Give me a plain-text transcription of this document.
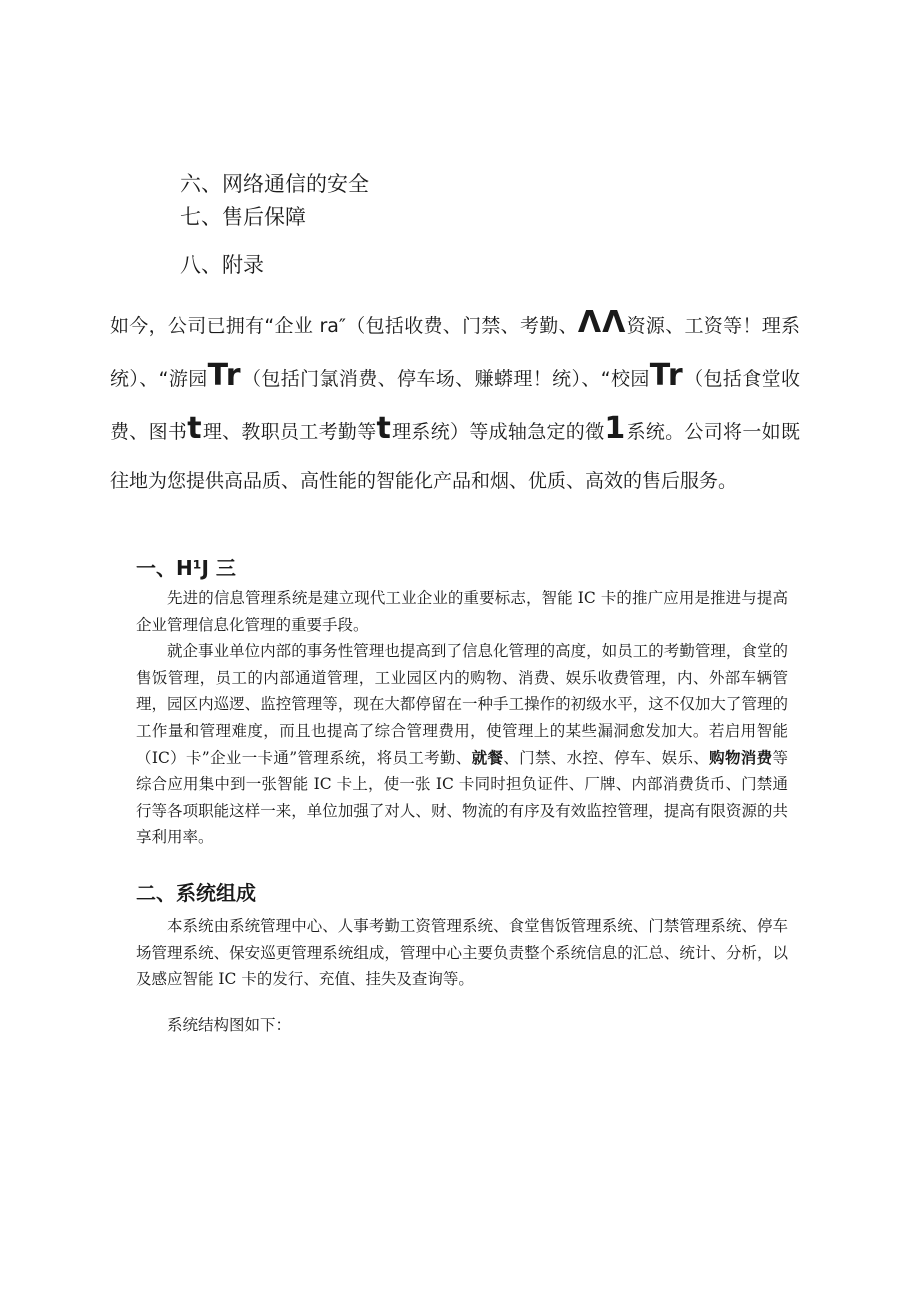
六、网络通信的安全
七、售后保障
八、附录

如今，公司已拥有“企业 ra″（包括收费、门禁、考勤、ΛΛ资源、工资等！理系统）、“游园Tr（包括门氯消费、停车场、赚蟒理！统）、“校园Tr（包括食堂收费、图书t理、教职员工考勤等t理系统）等成轴急定的徵1系统。公司将一如既往地为您提供高品质、高性能的智能化产品和烟、优质、高效的售后服务。

一、H¹J 三

先进的信息管理系统是建立现代工业企业的重要标志，智能 IC 卡的推广应用是推进与提高企业管理信息化管理的重要手段。

就企事业单位内部的事务性管理也提高到了信息化管理的高度，如员工的考勤管理，食堂的售饭管理，员工的内部通道管理，工业园区内的购物、消费、娱乐收费管理，内、外部车辆管理，园区内巡逻、监控管理等，现在大都停留在一种手工操作的初级水平，这不仅加大了管理的工作量和管理难度，而且也提高了综合管理费用，使管理上的某些漏洞愈发加大。若启用智能（IC）卡”企业一卡通”管理系统，将员工考勤、就餐、门禁、水控、停车、娱乐、购物消费等综合应用集中到一张智能 IC 卡上，使一张 IC 卡同时担负证件、厂牌、内部消费货币、门禁通行等各项职能这样一来，单位加强了对人、财、物流的有序及有效监控管理，提高有限资源的共享利用率。

二、系统组成

本系统由系统管理中心、人事考勤工资管理系统、食堂售饭管理系统、门禁管理系统、停车场管理系统、保安巡更管理系统组成，管理中心主要负责整个系统信息的汇总、统计、分析，以及感应智能 IC 卡的发行、充值、挂失及查询等。

系统结构图如下：
